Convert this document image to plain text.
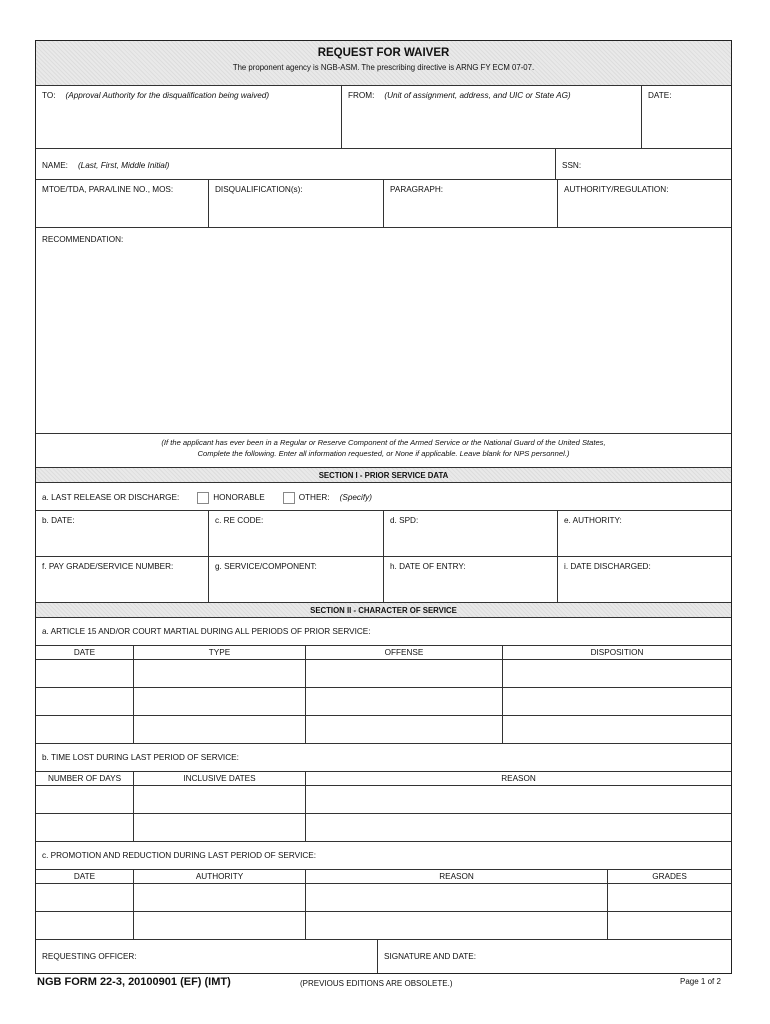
REQUEST FOR WAIVER
The proponent agency is NGB-ASM. The prescribing directive is ARNG FY ECM 07-07.
TO: (Approval Authority for the disqualification being waived)	FROM: (Unit of assignment, address, and UIC or State AG)	DATE:
NAME: (Last, First, Middle Initial)	SSN:
MTOE/TDA, PARA/LINE NO., MOS:	DISQUALIFICATION(s):	PARAGRAPH:	AUTHORITY/REGULATION:
RECOMMENDATION:
(If the applicant has ever been in a Regular or Reserve Component of the Armed Service or the National Guard of the United States,
Complete the following. Enter all information requested, or None if applicable. Leave blank for NPS personnel.)
SECTION I - PRIOR SERVICE DATA
a. LAST RELEASE OR DISCHARGE:	HONORABLE	OTHER: (Specify)
b. DATE:	c. RE CODE:	d. SPD:	e. AUTHORITY:
f. PAY GRADE/SERVICE NUMBER:	g. SERVICE/COMPONENT:	h. DATE OF ENTRY:	i. DATE DISCHARGED:
SECTION II - CHARACTER OF SERVICE
a. ARTICLE 15 AND/OR COURT MARTIAL DURING ALL PERIODS OF PRIOR SERVICE:
DATE	TYPE	OFFENSE	DISPOSITION
b. TIME LOST DURING LAST PERIOD OF SERVICE:
NUMBER OF DAYS	INCLUSIVE DATES	REASON
c. PROMOTION AND REDUCTION DURING LAST PERIOD OF SERVICE:
DATE	AUTHORITY	REASON	GRADES
REQUESTING OFFICER:	SIGNATURE AND DATE:
NGB FORM 22-3, 20100901 (EF) (IMT)	(PREVIOUS EDITIONS ARE OBSOLETE.)	Page 1 of 2
